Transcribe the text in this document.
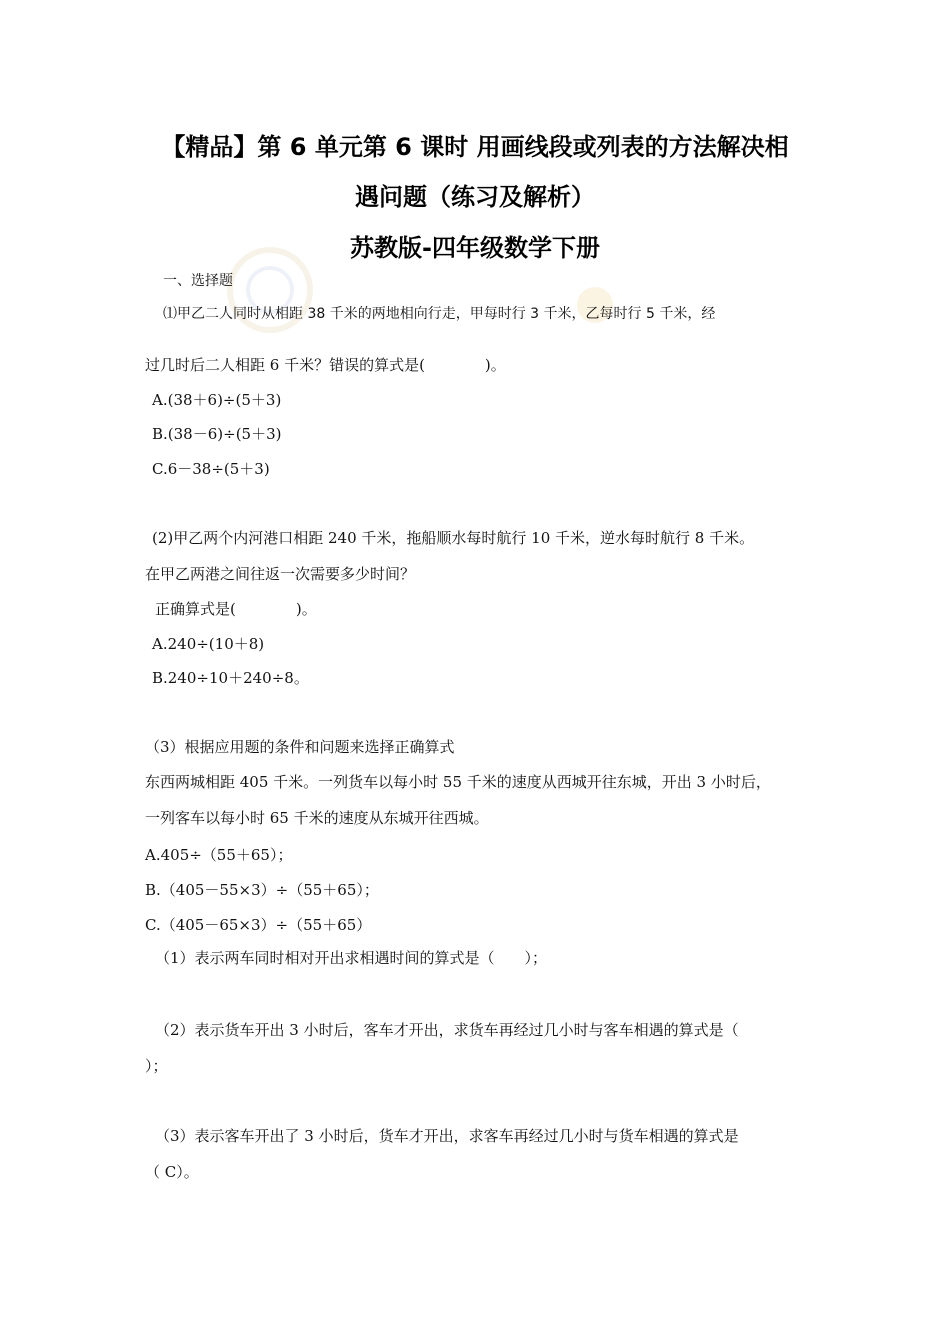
【精品】第 6 单元第 6 课时 用画线段或列表的方法解决相
遇问题（练习及解析）
苏教版-四年级数学下册
一、选择题
⑴甲乙二人同时从相距 38 千米的两地相向行走，甲每时行 3 千米，乙每时行 5 千米，经
过几时后二人相距 6 千米？错误的算式是(　　　　)。
A.(38＋6)÷(5＋3)
B.(38－6)÷(5＋3)
C.6－38÷(5＋3)
(2)甲乙两个内河港口相距 240 千米，拖船顺水每时航行 10 千米，逆水每时航行 8 千米。
在甲乙两港之间往返一次需要多少时间？
正确算式是(　　　　)。
A.240÷(10＋8)
B.240÷10＋240÷8。
（3）根据应用题的条件和问题来选择正确算式
东西两城相距 405 千米。一列货车以每小时 55 千米的速度从西城开往东城，开出 3 小时后，
一列客车以每小时 65 千米的速度从东城开往西城。
A.405÷（55＋65）；
B.（405－55×3）÷（55＋65）；
C.（405－65×3）÷（55＋65）
（1）表示两车同时相对开出求相遇时间的算式是（　　）；
（2）表示货车开出 3 小时后，客车才开出，求货车再经过几小时与客车相遇的算式是（
）；
（3）表示客车开出了 3 小时后，货车才开出，求客车再经过几小时与货车相遇的算式是
（ C）。
